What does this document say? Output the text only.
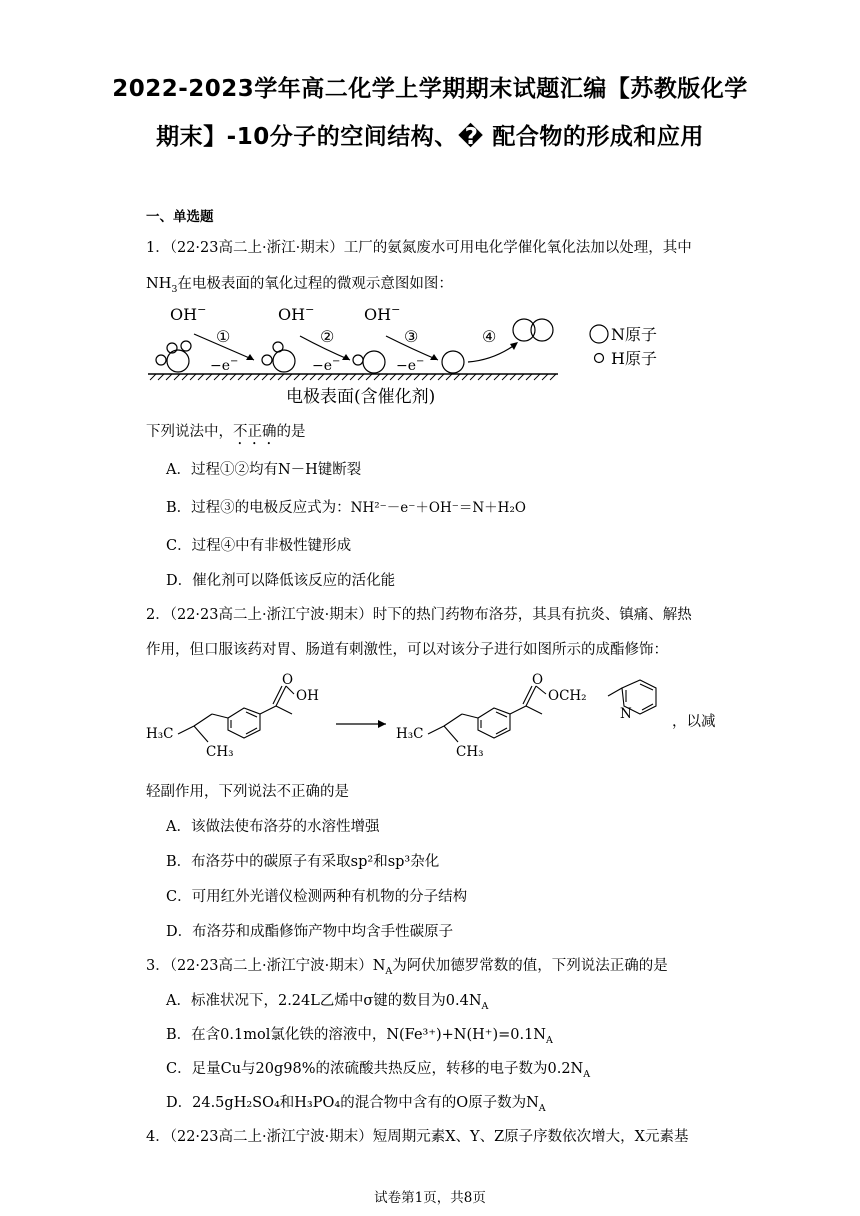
2022-2023学年高二化学上学期期末试题汇编【苏教版化学
期末】-10分子的空间结构、� 配合物的形成和应用
一、单选题
1．（22·23高二上·浙江·期末）工厂的氨氮废水可用电化学催化氧化法加以处理，其中
$NH_3$在电极表面的氧化过程的微观示意图如图：
OH−	OH−	OH−
①	②	③	④
−e−	−e−	−e−
N原子
H原子
电极表面(含催化剂)
下列说法中，不正确的是
A．过程①②均有N－H键断裂
B．过程③的电极反应式为：NH²⁻－e⁻＋OH⁻＝N＋H₂O
C．过程④中有非极性键形成
D．催化剂可以降低该反应的活化能
2．（22·23高二上·浙江宁波·期末）时下的热门药物布洛芬，其具有抗炎、镇痛、解热
作用，但口服该药对胃、肠道有刺激性，可以对该分子进行如图所示的成酯修饰：
H₃C
CH₃
O
OH
H₃C
CH₃
O
OCH₂
N	，以减
轻副作用，下列说法不正确的是
A．该做法使布洛芬的水溶性增强
B．布洛芬中的碳原子有采取sp²和sp³杂化
C．可用红外光谱仪检测两种有机物的分子结构
D．布洛芬和成酯修饰产物中均含手性碳原子
3．（22·23高二上·浙江宁波·期末）$N_A$为阿伏加德罗常数的值，下列说法正确的是
A．标准状况下，2.24L乙烯中σ键的数目为$0.4N_A$
B．在含0.1mol氯化铁的溶液中，$N(Fe^{3+})+N(H^+)=0.1N_A$
C．足量Cu与20g98%的浓硫酸共热反应，转移的电子数为$0.2N_A$
D．24.5gH₂SO₄和H₃PO₄的混合物中含有的O原子数为$N_A$
4．（22·23高二上·浙江宁波·期末）短周期元素X、Y、Z原子序数依次增大，X元素基
试卷第1页，共8页
